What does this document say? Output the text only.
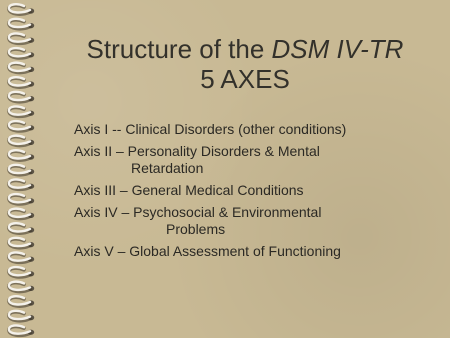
Structure of the DSM IV-TR
5 AXES
Axis I -- Clinical Disorders (other conditions)
Axis II – Personality Disorders & Mental
Retardation
Axis III – General Medical Conditions
Axis IV – Psychosocial & Environmental
Problems
Axis V – Global Assessment of Functioning
